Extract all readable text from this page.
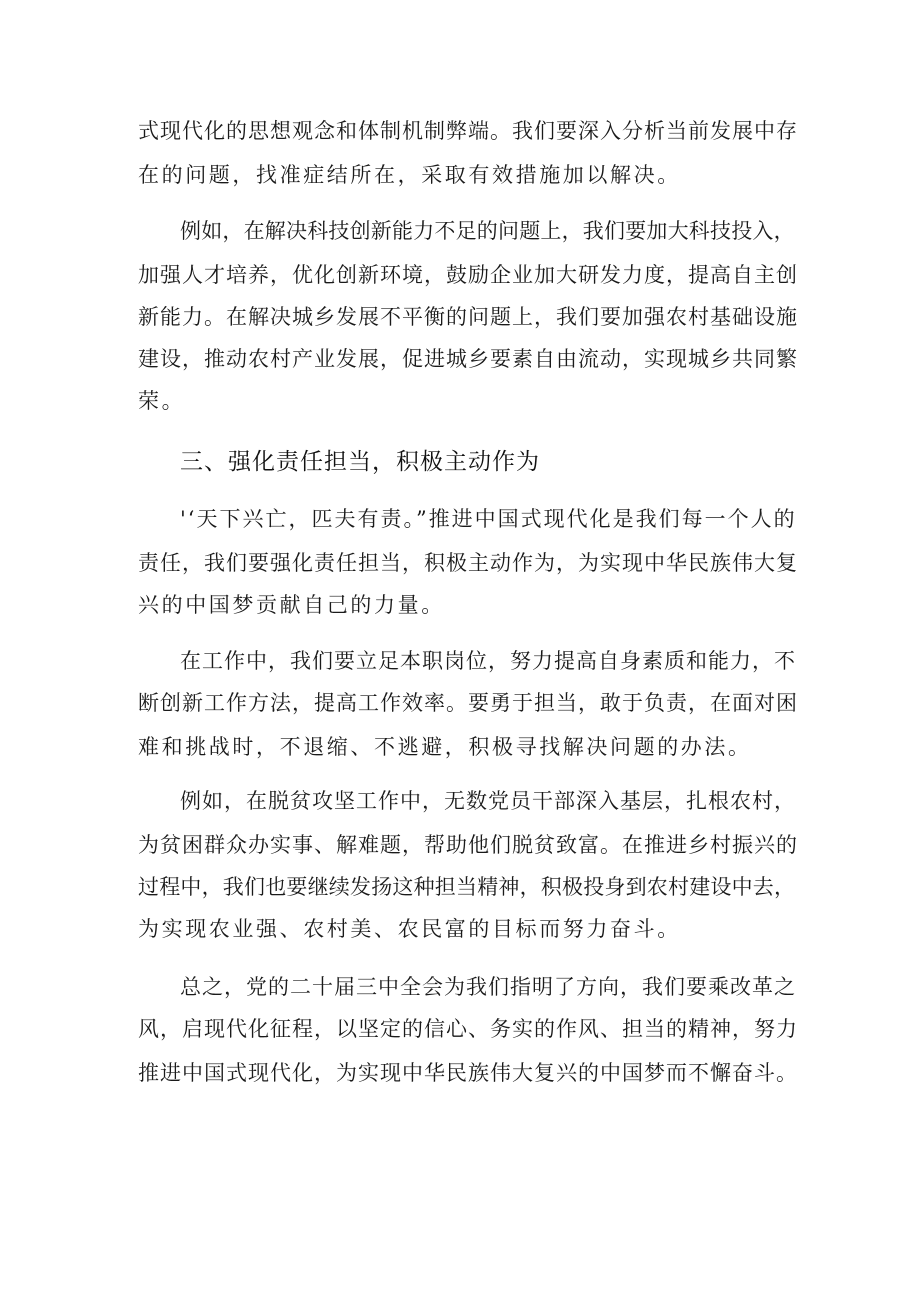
式现代化的思想观念和体制机制弊端。我们要深入分析当前发展中存
在的问题，找准症结所在，采取有效措施加以解决。
例如，在解决科技创新能力不足的问题上，我们要加大科技投入，
加强人才培养，优化创新环境，鼓励企业加大研发力度，提高自主创
新能力。在解决城乡发展不平衡的问题上，我们要加强农村基础设施
建设，推动农村产业发展，促进城乡要素自由流动，实现城乡共同繁
荣。
三、强化责任担当，积极主动作为
'‘天下兴亡，匹夫有责。”推进中国式现代化是我们每一个人的
责任，我们要强化责任担当，积极主动作为，为实现中华民族伟大复
兴的中国梦贡献自己的力量。
在工作中，我们要立足本职岗位，努力提高自身素质和能力，不
断创新工作方法，提高工作效率。要勇于担当，敢于负责，在面对困
难和挑战时，不退缩、不逃避，积极寻找解决问题的办法。
例如，在脱贫攻坚工作中，无数党员干部深入基层，扎根农村，
为贫困群众办实事、解难题，帮助他们脱贫致富。在推进乡村振兴的
过程中，我们也要继续发扬这种担当精神，积极投身到农村建设中去，
为实现农业强、农村美、农民富的目标而努力奋斗。
总之，党的二十届三中全会为我们指明了方向，我们要乘改革之
风，启现代化征程，以坚定的信心、务实的作风、担当的精神，努力
推进中国式现代化，为实现中华民族伟大复兴的中国梦而不懈奋斗。
